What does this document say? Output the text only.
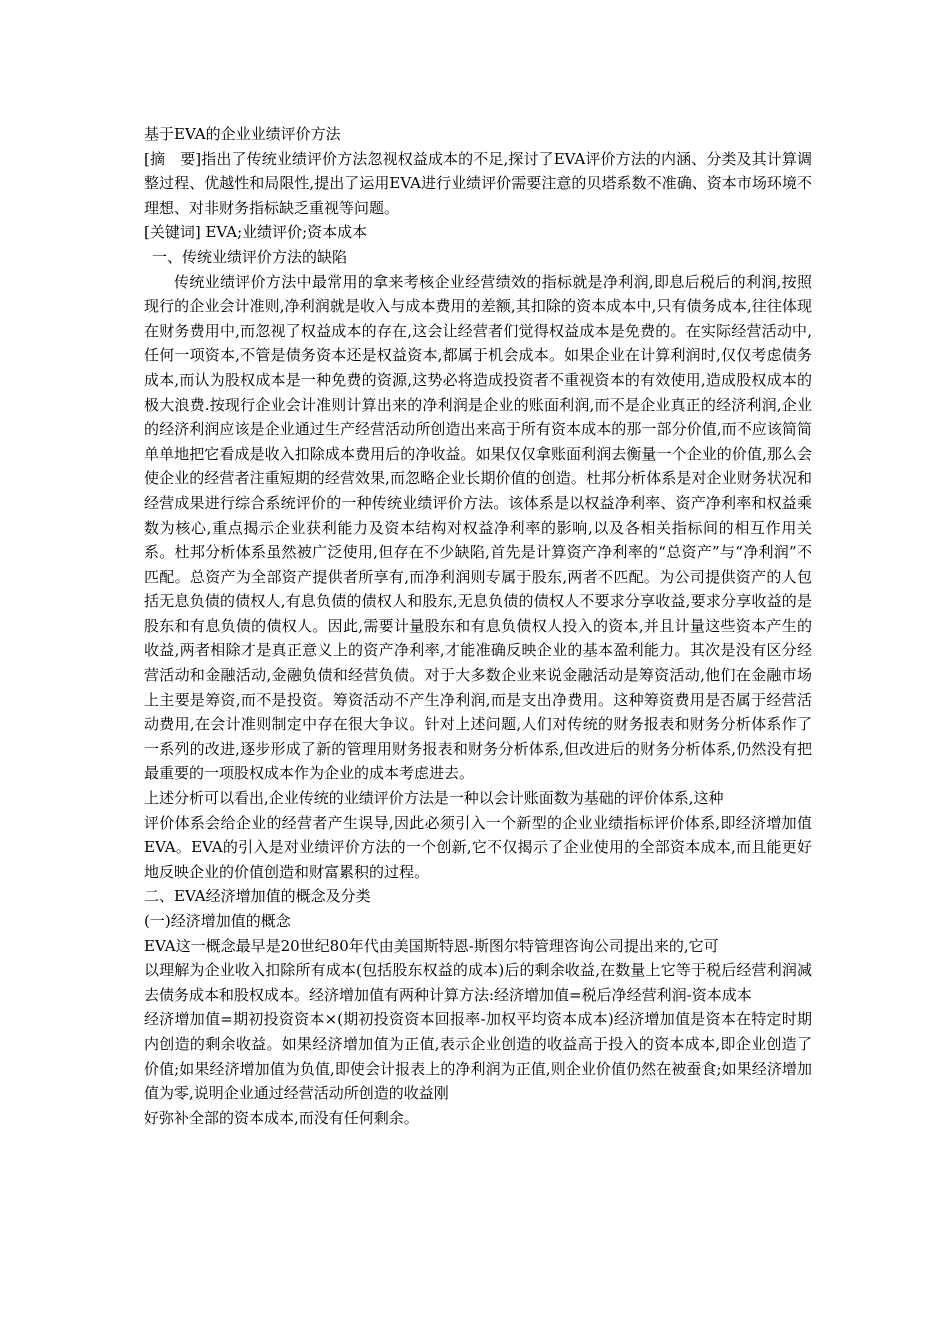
基于EVA的企业业绩评价方法

[摘　要]指出了传统业绩评价方法忽视权益成本的不足,探讨了EVA评价方法的内涵、分类及其计算调整过程、优越性和局限性,提出了运用EVA进行业绩评价需要注意的贝塔系数不准确、资本市场环境不理想、对非财务指标缺乏重视等问题。

[关键词] EVA;业绩评价;资本成本

一、传统业绩评价方法的缺陷

传统业绩评价方法中最常用的拿来考核企业经营绩效的指标就是净利润,即息后税后的利润,按照现行的企业会计准则,净利润就是收入与成本费用的差额,其扣除的资本成本中,只有债务成本,往往体现在财务费用中,而忽视了权益成本的存在,这会让经营者们觉得权益成本是免费的。在实际经营活动中,任何一项资本,不管是债务资本还是权益资本,都属于机会成本。如果企业在计算利润时,仅仅考虑债务成本,而认为股权成本是一种免费的资源,这势必将造成投资者不重视资本的有效使用,造成股权成本的极大浪费.按现行企业会计准则计算出来的净利润是企业的账面利润,而不是企业真正的经济利润,企业的经济利润应该是企业通过生产经营活动所创造出来高于所有资本成本的那一部分价值,而不应该简简单单地把它看成是收入扣除成本费用后的净收益。如果仅仅拿账面利润去衡量一个企业的价值,那么会使企业的经营者注重短期的经营效果,而忽略企业长期价值的创造。杜邦分析体系是对企业财务状况和经营成果进行综合系统评价的一种传统业绩评价方法。该体系是以权益净利率、资产净利率和权益乘数为核心,重点揭示企业获利能力及资本结构对权益净利率的影响,以及各相关指标间的相互作用关系。杜邦分析体系虽然被广泛使用,但存在不少缺陷,首先是计算资产净利率的“总资产”与“净利润”不匹配。总资产为全部资产提供者所享有,而净利润则专属于股东,两者不匹配。为公司提供资产的人包括无息负债的债权人,有息负债的债权人和股东,无息负债的债权人不要求分享收益,要求分享收益的是股东和有息负债的债权人。因此,需要计量股东和有息负债权人投入的资本,并且计量这些资本产生的收益,两者相除才是真正意义上的资产净利率,才能准确反映企业的基本盈利能力。其次是没有区分经营活动和金融活动,金融负债和经营负债。对于大多数企业来说金融活动是筹资活动,他们在金融市场上主要是筹资,而不是投资。筹资活动不产生净利润,而是支出净费用。这种筹资费用是否属于经营活动费用,在会计准则制定中存在很大争议。针对上述问题,人们对传统的财务报表和财务分析体系作了一系列的改进,逐步形成了新的管理用财务报表和财务分析体系,但改进后的财务分析体系,仍然没有把最重要的一项股权成本作为企业的成本考虑进去。

上述分析可以看出,企业传统的业绩评价方法是一种以会计账面数为基础的评价体系,这种

评价体系会给企业的经营者产生误导,因此必须引入一个新型的企业业绩指标评价体系,即经济增加值EVA。EVA的引入是对业绩评价方法的一个创新,它不仅揭示了企业使用的全部资本成本,而且能更好地反映企业的价值创造和财富累积的过程。

二、EVA经济增加值的概念及分类

(一)经济增加值的概念

EVA这一概念最早是20世纪80年代由美国斯特恩-斯图尔特管理咨询公司提出来的,它可

以理解为企业收入扣除所有成本(包括股东权益的成本)后的剩余收益,在数量上它等于税后经营利润减去债务成本和股权成本。经济增加值有两种计算方法:经济增加值=税后净经营利润-资本成本

经济增加值=期初投资资本×(期初投资资本回报率-加权平均资本成本)经济增加值是资本在特定时期内创造的剩余收益。如果经济增加值为正值,表示企业创造的收益高于投入的资本成本,即企业创造了价值;如果经济增加值为负值,即使会计报表上的净利润为正值,则企业价值仍然在被蚕食;如果经济增加值为零,说明企业通过经营活动所创造的收益刚

好弥补全部的资本成本,而没有任何剩余。
